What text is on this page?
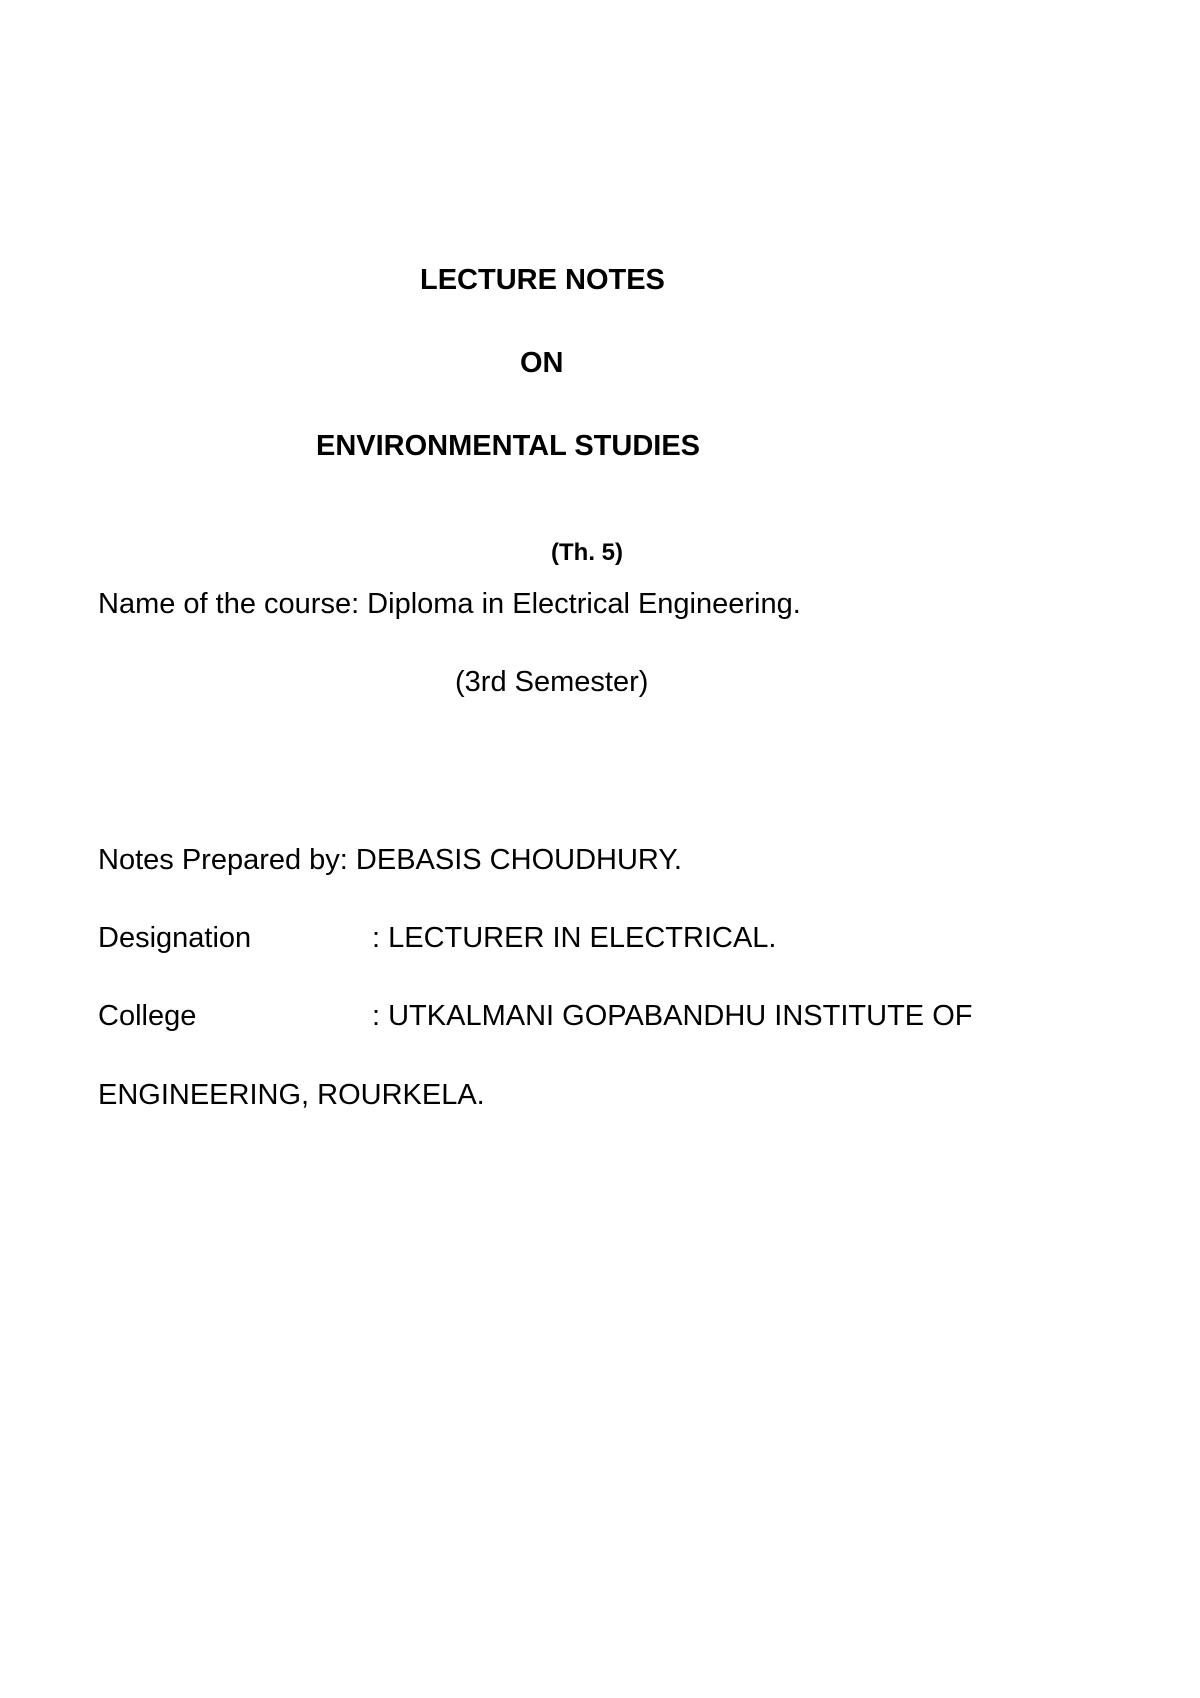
LECTURE NOTES
ON
ENVIRONMENTAL STUDIES
(Th. 5)
Name of the course: Diploma in Electrical Engineering.
(3rd Semester)
Notes Prepared by: DEBASIS CHOUDHURY.
Designation	: LECTURER IN ELECTRICAL.
College	: UTKALMANI GOPABANDHU INSTITUTE OF
ENGINEERING, ROURKELA.
